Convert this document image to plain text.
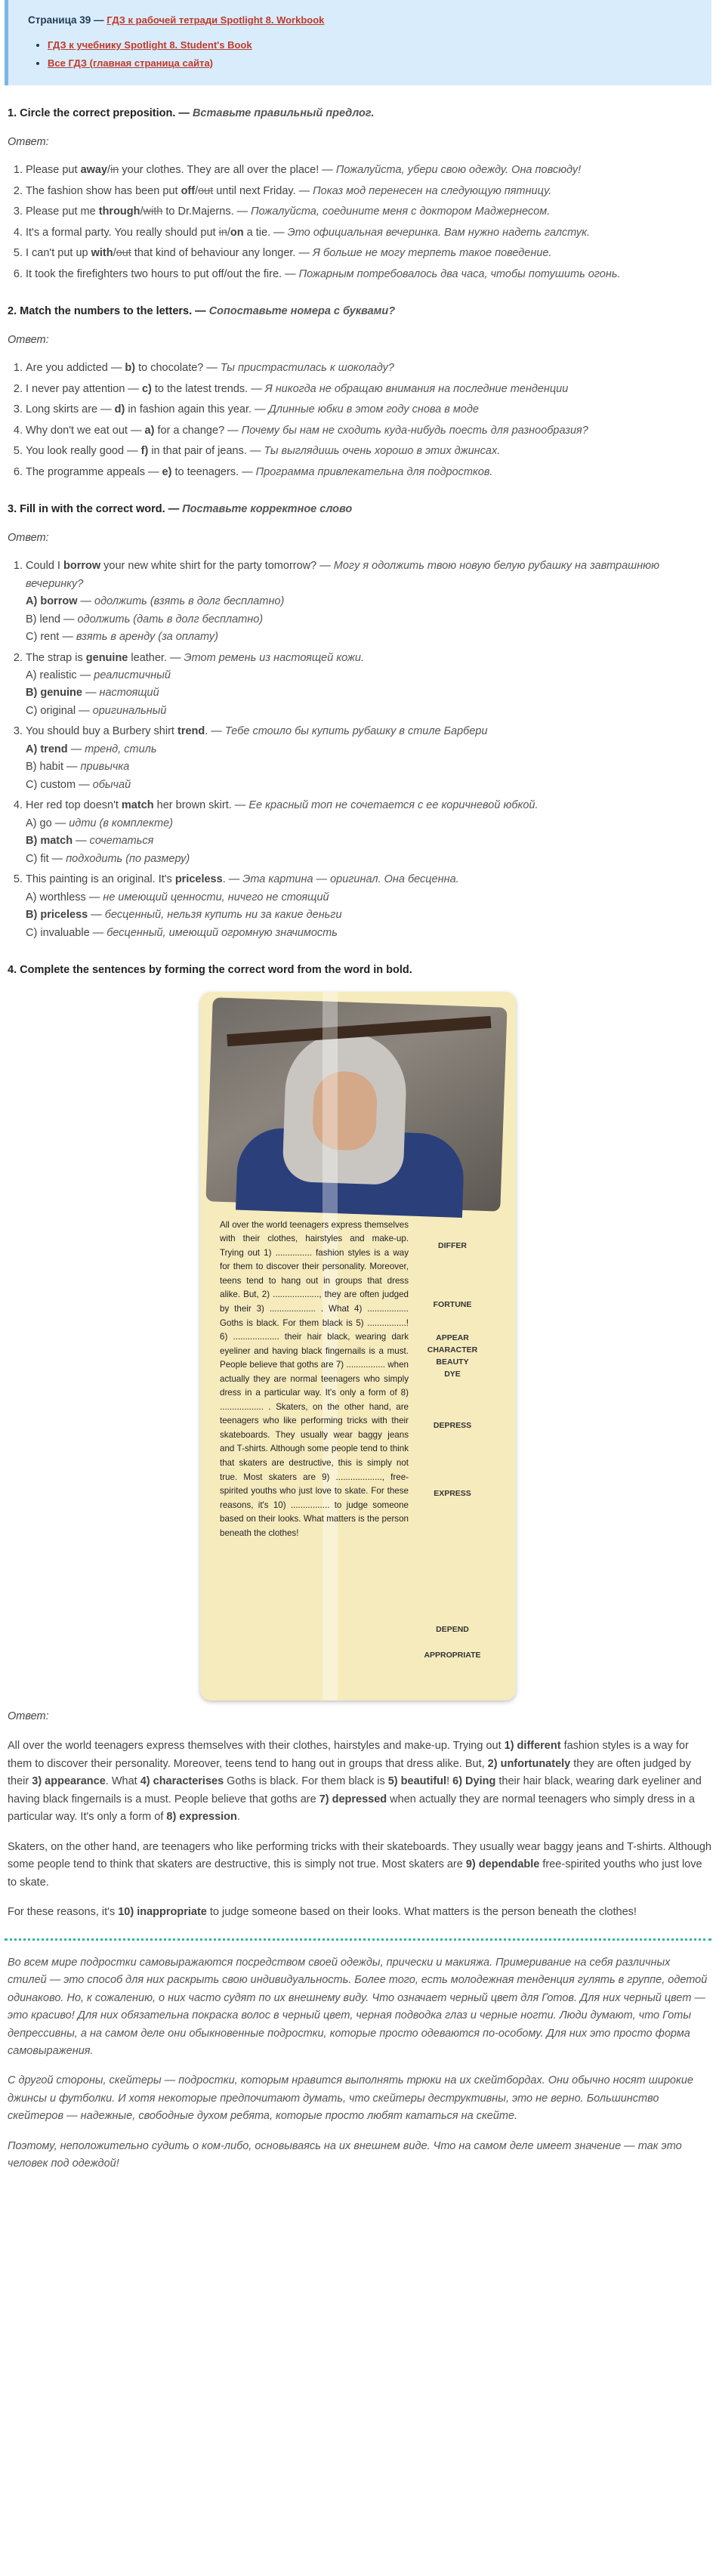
Страница 39 — ГДЗ к рабочей тетради Spotlight 8. Workbook
• ГДЗ к учебнику Spotlight 8. Student's Book
• Все ГДЗ (главная страница сайта)
1. Circle the correct preposition. — Вставьте правильный предлог.

Ответ:

1. Please put away/in your clothes. They are all over the place! — Пожалуйста, убери свою одежду. Она повсюду!
2. The fashion show has been put off/out until next Friday. — Показ мод перенесен на следующую пятницу.
3. Please put me through/with to Dr.Majerns. — Пожалуйста, соедините меня с доктором Маджернесом.
4. It's a formal party. You really should put in/on a tie. — Это официальная вечеринка. Вам нужно надеть галстук.
5. I can't put up with/out that kind of behaviour any longer. — Я больше не могу терпеть такое поведение.
6. It took the firefighters two hours to put off/out the fire. — Пожарным потребовалось два часа, чтобы потушить огонь.
2. Match the numbers to the letters. — Сопоставьте номера с буквами?

Ответ:

1. Are you addicted — b) to chocolate? — Ты пристрастилась к шоколаду?
2. I never pay attention — c) to the latest trends. — Я никогда не обращаю внимания на последние тенденции
3. Long skirts are — d) in fashion again this year. — Длинные юбки в этом году снова в моде
4. Why don't we eat out — a) for a change? — Почему бы нам не сходить куда-нибудь поесть для разнообразия?
5. You look really good — f) in that pair of jeans. — Ты выглядишь очень хорошо в этих джинсах.
6. The programme appeals — e) to teenagers. — Программа привлекательна для подростков.
3. Fill in with the correct word. — Поставьте корректное слово

Ответ:

1. Could I borrow your new white shirt for the party tomorrow? — Могу я одолжить твою новую белую рубашку на завтрашнюю вечеринку?
A) borrow — одолжить (взять в долг бесплатно)
B) lend — одолжить (дать в долг бесплатно)
C) rent — взять в аренду (за оплату)
2. The strap is genuine leather. — Этот ремень из настоящей кожи.
A) realistic — реалистичный
B) genuine — настоящий
C) original — оригинальный
3. You should buy a Burbery shirt trend. — Тебе стоило бы купить рубашку в стиле Барбери
A) trend — тренд, стиль
B) habit — привычка
C) custom — обычай
4. Her red top doesn't match her brown skirt. — Ее красный топ не сочетается с ее коричневой юбкой.
A) go — идти (в комплекте)
B) match — сочетаться
C) fit — подходить (по размеру)
5. This painting is an original. It's priceless. — Эта картина — оригинал. Она бесценна.
A) worthless — не имеющий ценности, ничего не стоящий
B) priceless — бесценный, нельзя купить ни за какие деньги
C) invaluable — бесценный, имеющий огромную значимость
4. Complete the sentences by forming the correct word from the word in bold.
All over the world teenagers express themselves with their clothes, hairstyles and make-up. Trying out 1) ............... fashion styles is a way for them to discover their personality. Moreover, teens tend to hang out in groups that dress alike. But, 2) ..................., they are often judged by their 3) ................... . What 4) ................. Goths is black. For them black is 5) ................! 6) ................... their hair black, wearing dark eyeliner and having black fingernails is a must. People believe that goths are 7) ................ when actually they are normal teenagers who simply dress in a particular way. It's only a form of 8) .................. . Skaters, on the other hand, are teenagers who like performing tricks with their skateboards. They usually wear baggy jeans and T-shirts. Although some people tend to think that skaters are destructive, this is simply not true. Most skaters are 9) ..................., free-spirited youths who just love to skate. For these reasons, it's 10) ................ to judge someone based on their looks. What matters is the person beneath the clothes!
DIFFER
FORTUNE
APPEAR
CHARACTER
BEAUTY
DYE
DEPRESS
EXPRESS
DEPEND
APPROPRIATE

Ответ:

All over the world teenagers express themselves with their clothes, hairstyles and make-up. Trying out 1) different fashion styles is a way for them to discover their personality. Moreover, teens tend to hang out in groups that dress alike. But, 2) unfortunately they are often judged by their 3) appearance. What 4) characterises Goths is black. For them black is 5) beautiful! 6) Dying their hair black, wearing dark eyeliner and having black fingernails is a must. People believe that goths are 7) depressed when actually they are normal teenagers who simply dress in a particular way. It's only a form of 8) expression.

Skaters, on the other hand, are teenagers who like performing tricks with their skateboards. They usually wear baggy jeans and T-shirts. Although some people tend to think that skaters are destructive, this is simply not true. Most skaters are 9) dependable free-spirited youths who just love to skate.

For these reasons, it's 10) inappropriate to judge someone based on their looks. What matters is the person beneath the clothes!

Во всем мире подростки самовыражаются посредством своей одежды, прически и макияжа. Примеривание на себя различных стилей — это способ для них раскрыть свою индивидуальность. Более того, есть молодежная тенденция гулять в группе, одетой одинаково. Но, к сожалению, о них часто судят по их внешнему виду. Что означает черный цвет для Готов. Для них черный цвет — это красиво! Для них обязательна покраска волос в черный цвет, черная подводка глаз и черные ногти. Люди думают, что Готы депрессивны, а на самом деле они обыкновенные подростки, которые просто одеваются по-особому. Для них это просто форма самовыражения.

С другой стороны, скейтеры — подростки, которым нравится выполнять трюки на их скейтбордах. Они обычно носят широкие джинсы и футболки. И хотя некоторые предпочитают думать, что скейтеры деструктивны, это не верно. Большинство скейтеров — надежные, свободные духом ребята, которые просто любят кататься на скейте.

Поэтому, неположительно судить о ком-либо, основываясь на их внешнем виде. Что на самом деле имеет значение — так это человек под одеждой!
